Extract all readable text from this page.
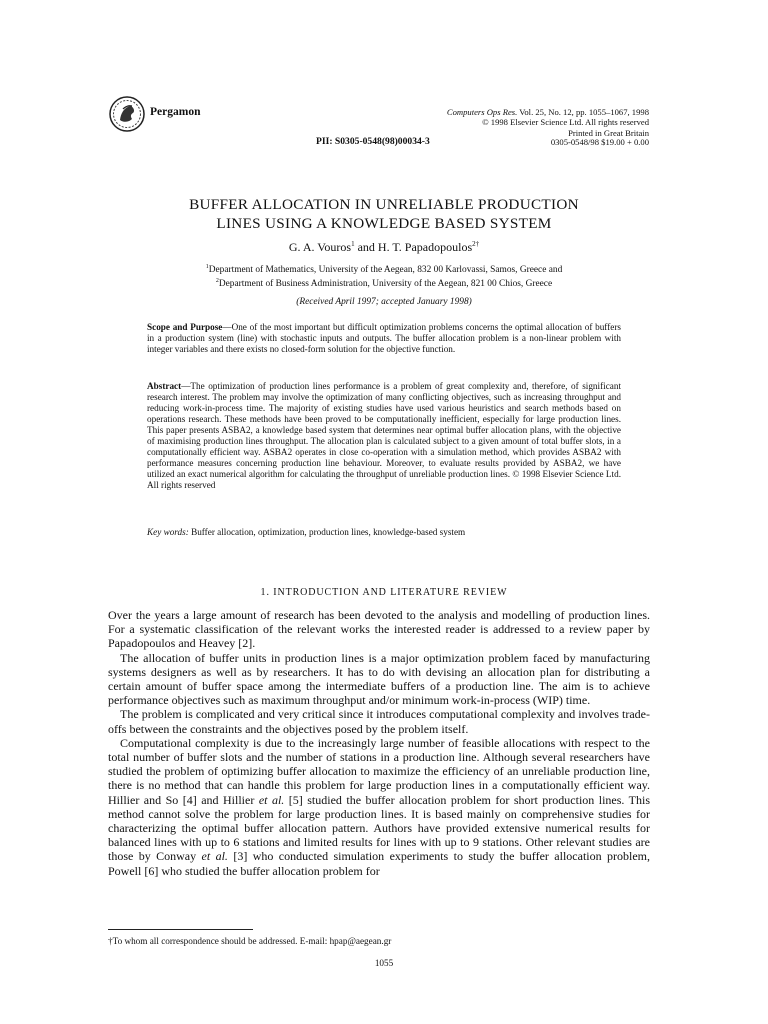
Pergamon	Computers Ops Res. Vol. 25, No. 12, pp. 1055–1067, 1998
© 1998 Elsevier Science Ltd. All rights reserved
Printed in Great Britain
PII: S0305-0548(98)00034-3	0305-0548/98 $19.00 + 0.00
BUFFER ALLOCATION IN UNRELIABLE PRODUCTION
LINES USING A KNOWLEDGE BASED SYSTEM
G. A. Vouros$^1$ and H. T. Papadopoulos$^{2\dagger}$
$^1$Department of Mathematics, University of the Aegean, 832 00 Karlovassi, Samos, Greece and
$^2$Department of Business Administration, University of the Aegean, 821 00 Chios, Greece
(Received April 1997; accepted January 1998)
Scope and Purpose—One of the most important but difficult optimization problems concerns the optimal allocation of buffers in a production system (line) with stochastic inputs and outputs. The buffer allocation problem is a non-linear problem with integer variables and there exists no closed-form solution for the objective function.
Abstract—The optimization of production lines performance is a problem of great complexity and, therefore, of significant research interest. The problem may involve the optimization of many conflicting objectives, such as increasing throughput and reducing work-in-process time. The majority of existing studies have used various heuristics and search methods based on operations research. These methods have been proved to be computationally inefficient, especially for large production lines. This paper presents ASBA2, a knowledge based system that determines near optimal buffer allocation plans, with the objective of maximising production lines throughput. The allocation plan is calculated subject to a given amount of total buffer slots, in a computationally efficient way. ASBA2 operates in close co-operation with a simulation method, which provides ASBA2 with performance measures concerning production line behaviour. Moreover, to evaluate results provided by ASBA2, we have utilized an exact numerical algorithm for calculating the throughput of unreliable production lines. © 1998 Elsevier Science Ltd. All rights reserved
Key words: Buffer allocation, optimization, production lines, knowledge-based system
1. INTRODUCTION AND LITERATURE REVIEW

Over the years a large amount of research has been devoted to the analysis and modelling of production lines. For a systematic classification of the relevant works the interested reader is addressed to a review paper by Papadopoulos and Heavey [2].

The allocation of buffer units in production lines is a major optimization problem faced by manufacturing systems designers as well as by researchers. It has to do with devising an allocation plan for distributing a certain amount of buffer space among the intermediate buffers of a production line. The aim is to achieve performance objectives such as maximum throughput and/or minimum work-in-process (WIP) time.

The problem is complicated and very critical since it introduces computational complexity and involves trade-offs between the constraints and the objectives posed by the problem itself.

Computational complexity is due to the increasingly large number of feasible allocations with respect to the total number of buffer slots and the number of stations in a production line. Although several researchers have studied the problem of optimizing buffer allocation to maximize the efficiency of an unreliable production line, there is no method that can handle this problem for large production lines in a computationally efficient way. Hillier and So [4] and Hillier et al. [5] studied the buffer allocation problem for short production lines. This method cannot solve the problem for large production lines. It is based mainly on comprehensive studies for characterizing the optimal buffer allocation pattern. Authors have provided extensive numerical results for balanced lines with up to 6 stations and limited results for lines with up to 9 stations. Other relevant studies are those by Conway et al. [3] who conducted simulation experiments to study the buffer allocation problem, Powell [6] who studied the buffer allocation problem for

†To whom all correspondence should be addressed. E-mail: hpap@aegean.gr
1055
